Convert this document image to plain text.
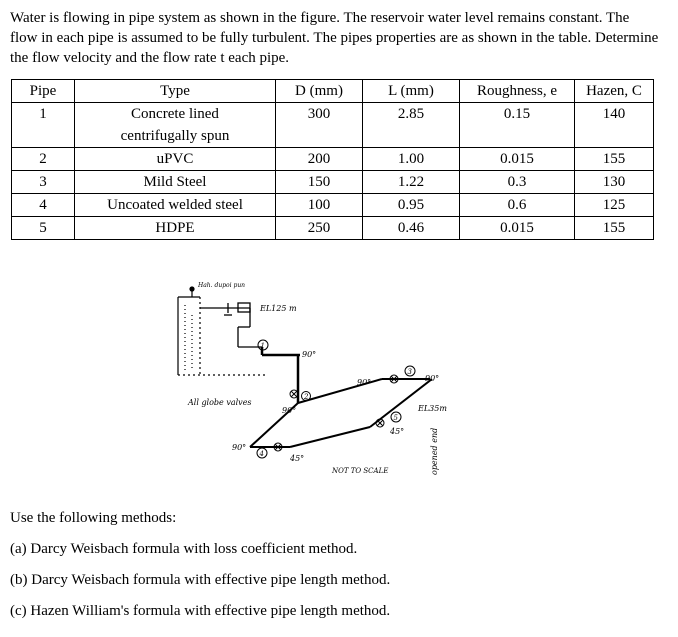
Water is flowing in pipe system as shown in the figure. The reservoir water level remains constant. The flow in each pipe is assumed to be fully turbulent. The pipes properties are as shown in the table. Determine the flow velocity and the flow rate t each pipe.

Pipe	Type	D (mm)	L (mm)	Roughness, e	Hazen, C
1	Concrete lined
centrifugally spun	300	2.85	0.15	140
2	uPVC	200	1.00	0.015	155
3	Mild Steel	150	1.22	0.3	130
4	Uncoated welded steel	100	0.95	0.6	125
5	HDPE	250	0.46	0.015	155
Hah. dupoi pun
EL125 m
1
90°
All globe valves
2
90°
90°	90°
3
90°
4	45°
5
45°
EL35m
NOT TO SCALE	opened end

Use the following methods:

(a) Darcy Weisbach formula with loss coefficient method.
(b) Darcy Weisbach formula with effective pipe length method.
(c) Hazen William's formula with effective pipe length method.
